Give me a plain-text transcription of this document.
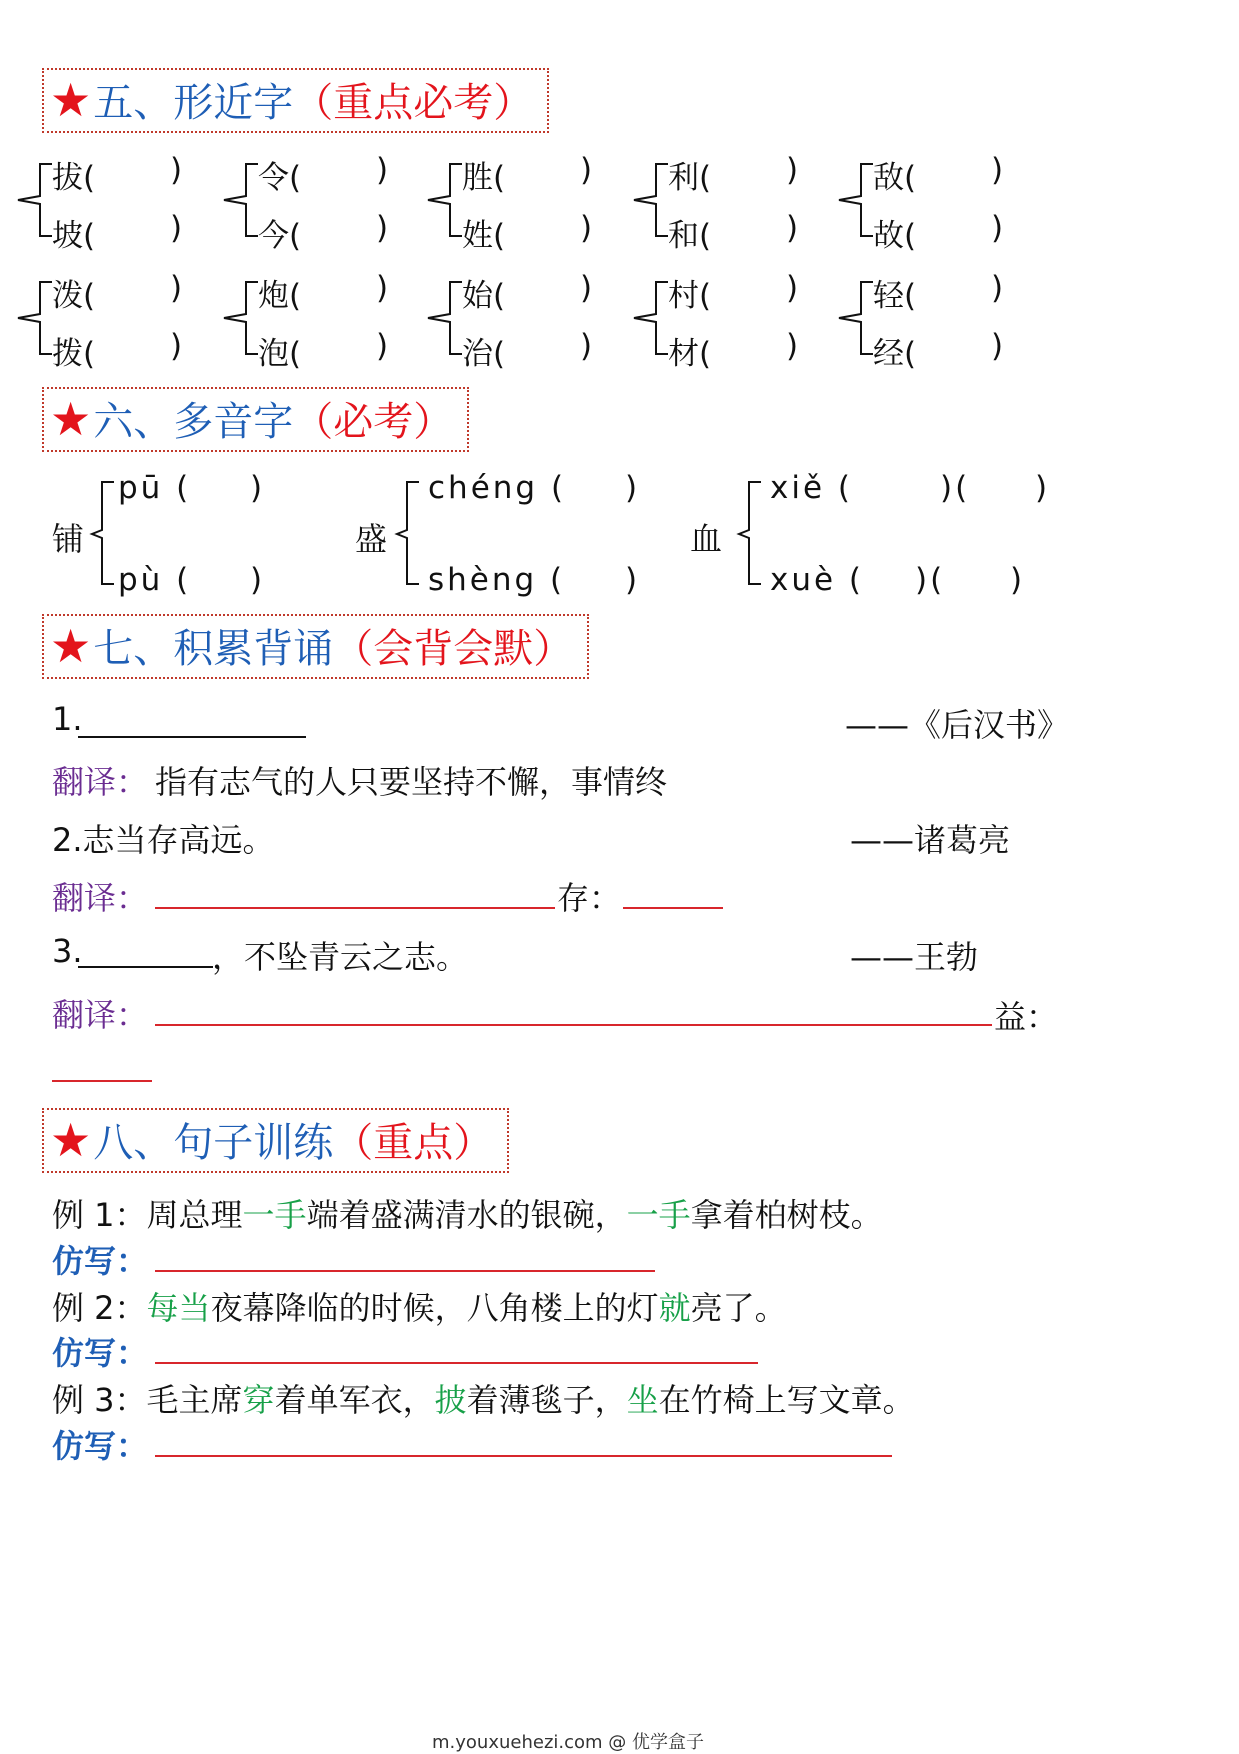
★五、形近字（重点必考）
拔( )
坡( )
令( )
今( )
胜( )
姓( )
利( )
和( )
敌( )
故( )
泼( )
拨( )
炮( )
泡( )
始( )
治( )
村( )
材( )
轻( )
经( )
★六、多音字（必考）
铺
pū ( )
pù ( )
盛
chéng ( )
shèng ( )
血
xiě (	)( )
xuè ( )( )
★七、积累背诵（会背会默）
1.	——《后汉书》
翻译： 指有志气的人只要坚持不懈，事情终
2.志当存高远。	——诸葛亮
翻译：	存：
3.	，不坠青云之志。	——王勃
翻译：	益：
★八、句子训练（重点）
例 1：周总理一手端着盛满清水的银碗，一手拿着柏树枝。
仿写：
例 2：每当夜幕降临的时候，八角楼上的灯就亮了。
仿写：
例 3：毛主席穿着单军衣，披着薄毯子，坐在竹椅上写文章。
仿写：
m.youxuehezi.com @ 优学盒子
